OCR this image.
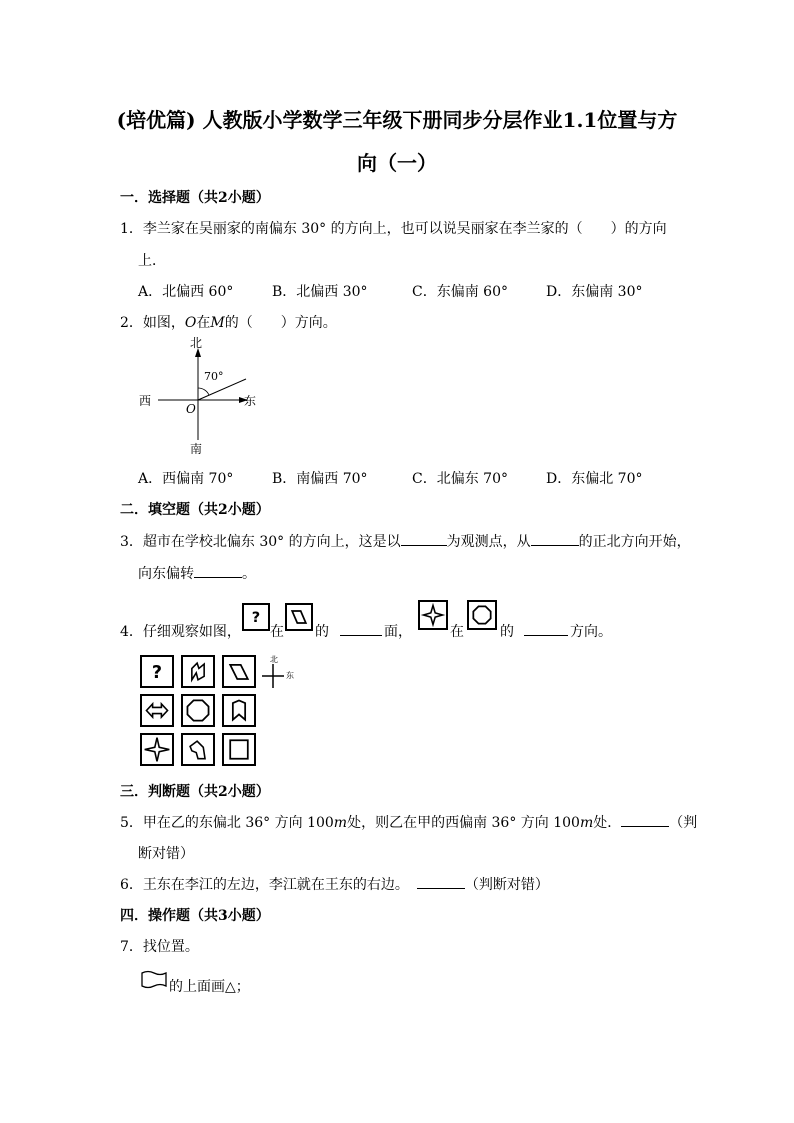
(培优篇) 人教版小学数学三年级下册同步分层作业1.1位置与方
向（一）
一．选择题（共2小题）
1．李兰家在吴丽家的南偏东 30° 的方向上，也可以说吴丽家在李兰家的（　　）的方向
上．
A．北偏西 60°	B．北偏西 30°	C．东偏南 60°	D．东偏南 30°
2．如图，O在M的（　　）方向。
北
南
西	东
O
70°
A．西偏南 70°	B．南偏西 70°	C．北偏东 70°	D．东偏北 70°
二．填空题（共2小题）
3．超市在学校北偏东 30° 的方向上，这是以	为观测点，从	的正北方向开始，
向东偏转	。
4．仔细观察如图，
?
在 的	面，	在	的	方向。
?
北
东
三．判断题（共2小题）
5．甲在乙的东偏北 36° 方向 100m处，则乙在甲的西偏南 36° 方向 100m处．	（判
断对错）
6．王东在李江的左边，李江就在王东的右边。	（判断对错）
四．操作题（共3小题）
7．找位置。
的上面画△；
